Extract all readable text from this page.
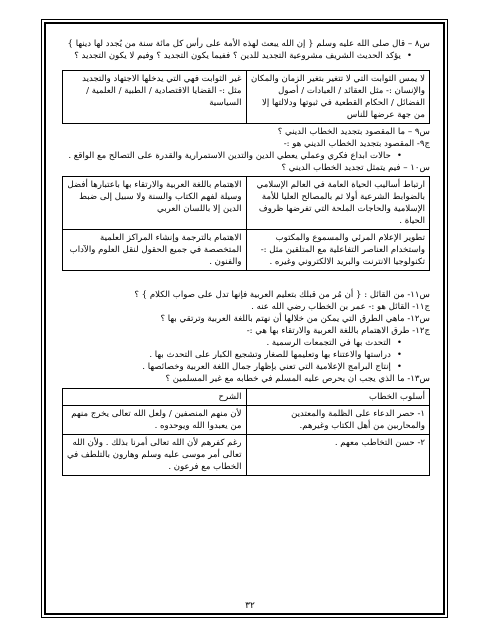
س٨ – قال صلى الله عليه وسلم { إن الله يبعث لهذه الأمة على رأس كل مائة سنة من يُجدد لها دينها }

• يؤكد الحديث الشريف مشروعية التجديد للدين ؟ ففيما يكون التجديد ؟ وفيم لا يكون التجديد ؟

لا يمس الثوابت التي لا تتغير بتغير الزمان والمكان والإنسان :- مثل العقائد / العبادات / أصول الفضائل / الحكام القطعية في ثبوتها ودلالتها إلا من جهة عرضها للناس	غير الثوابت فهي التي يدخلها الاجتهاد والتجديد مثل :- القضايا الاقتصادية / الطبية / العلمية / السياسية

س٩ – ما المقصود بتجديد الخطاب الديني ؟

ج٩- المقصود بتجديد الخطاب الديني هو :-

• حالات ابداع فكري وعملي يعطي الدين والتدين الاستمرارية والقدرة على التصالح مع الواقع .

س١٠ – فيم يتمثل تجديد الخطاب الديني ؟

ارتباط أساليب الحياة العامة في العالم الإسلامي بالضوابط الشرعية أولا ثم بالمصالح العليا للأمة الإسلامية والحاجات الملحة التي تفرضها ظروف الحياة .	الاهتمام باللغة العربية والارتقاء بها باعتبارها أفضل وسيلة لفهم الكتاب والسنة ولا سبيل إلى ضبط الدين إلا باللسان العربي
تطوير الإعلام المرئي والمسموع والمكتوب واستخدام العناصر التفاعلية مع المتلقين مثل :- تكنولوجيا الانترنت والبريد الالكتروني وغيره .	الاهتمام بالترجمة وإنشاء المراكز العلمية المتخصصة في جميع الحقول لنقل العلوم والآداب والفنون .

س١١- من القائل : { أن مُر من قبلك بتعليم العربية فإنها تدل على صواب الكلام } ؟

ج١١- القائل هو :- عمر بن الخطاب رضي الله عنه .

س١٢- ماهي الطرق التي يمكن من خلالها أن نهتم باللغة العربية وترتقي بها ؟

ج١٢- طرق الاهتمام باللغة العربية والارتقاء بها هي :-

• التحدث بها في التجمعات الرسمية .

• دراستها والاعتناء بها وتعليمها للصغار وتشجيع الكبار على التحدث بها .

• إنتاج البرامج الإعلامية التي تعني بإظهار جمال اللغة العربية وخصائصها .

س١٣- ما الذي يجب ان يحرص عليه المسلم في خطابه مع غير المسلمين ؟

أسلوب الخطاب	الشرح
١- حصر الدعاء على الظلمة والمعتدين والمحاربين من أهل الكتاب وغيرهم.	لأن منهم المنصفين / ولعل الله تعالى يخرج منهم من يعبدوا الله ويوحدوه .
٢- حسن التخاطب معهم .	رغم كفرهم لأن الله تعالى أمرنا بذلك . ولأن الله تعالى أمر موسى عليه وسلم وهارون بالتلطف في الخطاب مع فرعون .
٣٢
